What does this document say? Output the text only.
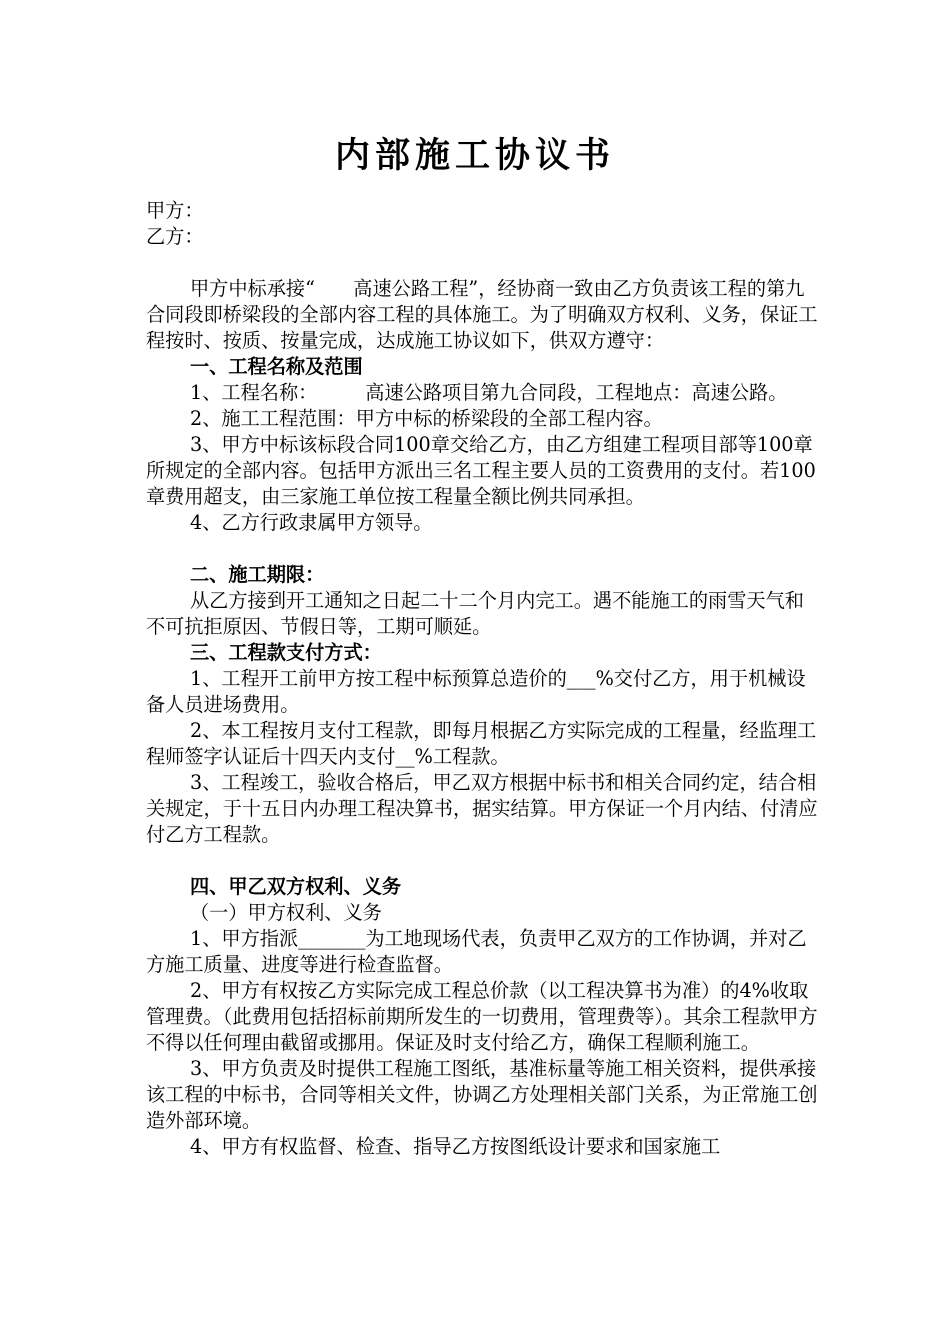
内部施工协议书

甲方：

乙方：

甲方中标承接“　　高速公路工程”，经协商一致由乙方负责该工程的第九合同段即桥梁段的全部内容工程的具体施工。为了明确双方权利、义务，保证工程按时、按质、按量完成，达成施工协议如下，供双方遵守：

一、工程名称及范围

1、工程名称：　　　高速公路项目第九合同段，工程地点：高速公路。

2、施工工程范围：甲方中标的桥梁段的全部工程内容。

3、甲方中标该标段合同100章交给乙方，由乙方组建工程项目部等100章所规定的全部内容。包括甲方派出三名工程主要人员的工资费用的支付。若100章费用超支，由三家施工单位按工程量全额比例共同承担。

4、乙方行政隶属甲方领导。

二、施工期限：

从乙方接到开工通知之日起二十二个月内完工。遇不能施工的雨雪天气和不可抗拒原因、节假日等，工期可顺延。

三、工程款支付方式：

1、工程开工前甲方按工程中标预算总造价的___%交付乙方，用于机械设备人员进场费用。

2、本工程按月支付工程款，即每月根据乙方实际完成的工程量，经监理工程师签字认证后十四天内支付__%工程款。

3、工程竣工，验收合格后，甲乙双方根据中标书和相关合同约定，结合相关规定，于十五日内办理工程决算书，据实结算。甲方保证一个月内结、付清应付乙方工程款。

四、甲乙双方权利、义务

（一）甲方权利、义务

1、甲方指派_______为工地现场代表，负责甲乙双方的工作协调，并对乙方施工质量、进度等进行检查监督。

2、甲方有权按乙方实际完成工程总价款（以工程决算书为准）的4%收取管理费。（此费用包括招标前期所发生的一切费用，管理费等）。其余工程款甲方不得以任何理由截留或挪用。保证及时支付给乙方，确保工程顺利施工。

3、甲方负责及时提供工程施工图纸，基准标量等施工相关资料，提供承接该工程的中标书，合同等相关文件，协调乙方处理相关部门关系，为正常施工创造外部环境。

4、甲方有权监督、检查、指导乙方按图纸设计要求和国家施工
